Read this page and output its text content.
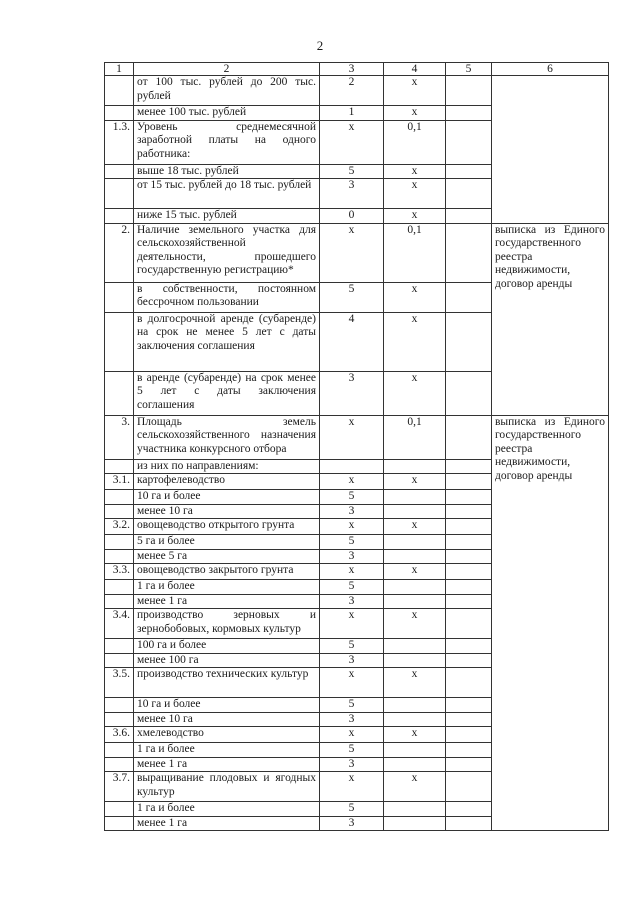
2
1	2	3	4	5	6
	от 100 тыс. рублей до 200 тыс. рублей	2	х		
	менее 100 тыс. рублей	1	х		
1.3.	Уровень среднемесячной заработной платы на одного работника:	х	0,1		
	выше 18 тыс. рублей	5	х		
	от 15 тыс. рублей до 18 тыс. рублей	3	х		
	ниже 15 тыс. рублей	0	х		
2.	Наличие земельного участка для сельскохозяйственной деятельности, прошедшего государственную регистрацию*	х	0,1		выписка из Единого государственного реестра недвижимости, договор аренды
	в собственности, постоянном бессрочном пользовании	5	х		
	в долгосрочной аренде (субаренде) на срок не менее 5 лет с даты заключения соглашения	4	х		
	в аренде (субаренде) на срок менее 5 лет с даты заключения соглашения	3	х		
3.	Площадь земель сельскохозяйственного назначения участника конкурсного отбора	х	0,1		выписка из Единого государственного реестра недвижимости, договор аренды
	из них по направлениям:				
3.1.	картофелеводство	х	х		
	10 га и более	5			
	менее 10 га	3			
3.2.	овощеводство открытого грунта	х	х		
	5 га и более	5			
	менее 5 га	3			
3.3.	овощеводство закрытого грунта	х	х		
	1 га и более	5			
	менее 1 га	3			
3.4.	производство зерновых и зернобобовых, кормовых культур	х	х		
	100 га и более	5			
	менее 100 га	3			
3.5.	производство технических культур	х	х		
	10 га и более	5			
	менее 10 га	3			
3.6.	хмелеводство	х	х		
	1 га и более	5			
	менее 1 га	3			
3.7.	выращивание плодовых и ягодных культур	х	х		
	1 га и более	5			
	менее 1 га	3			
